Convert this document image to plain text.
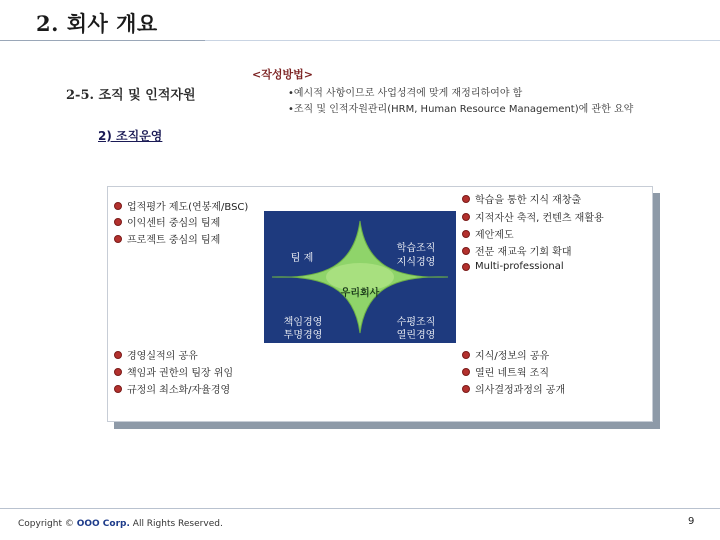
2. 회사 개요
2-5. 조직 및 인적자원
<작성방법>
•예시적 사항이므로 사업성격에 맞게 재정리하여야 함
•조직 및 인적자원관리(HRM, Human Resource Management)에 관한 요약
2) 조직운영
업적평가 제도(연봉제/BSC)
이익센터 중심의 팀제
프로젝트 중심의 팀제
학습을 통한 지식 재창출
지적자산 축적, 컨텐츠 재활용
제안제도
전문 재교육 기회 확대
Multi-professional
경영실적의 공유
책임과 권한의 팀장 위임
규정의 최소화/자율경영
지식/정보의 공유
열린 네트웍 조직
의사결정과정의 공개
팀 제
학습조직
지식경영
책임경영
투명경영
수평조직
열린경영
우리회사
Copyright © OOO Corp. All Rights Reserved.	9
